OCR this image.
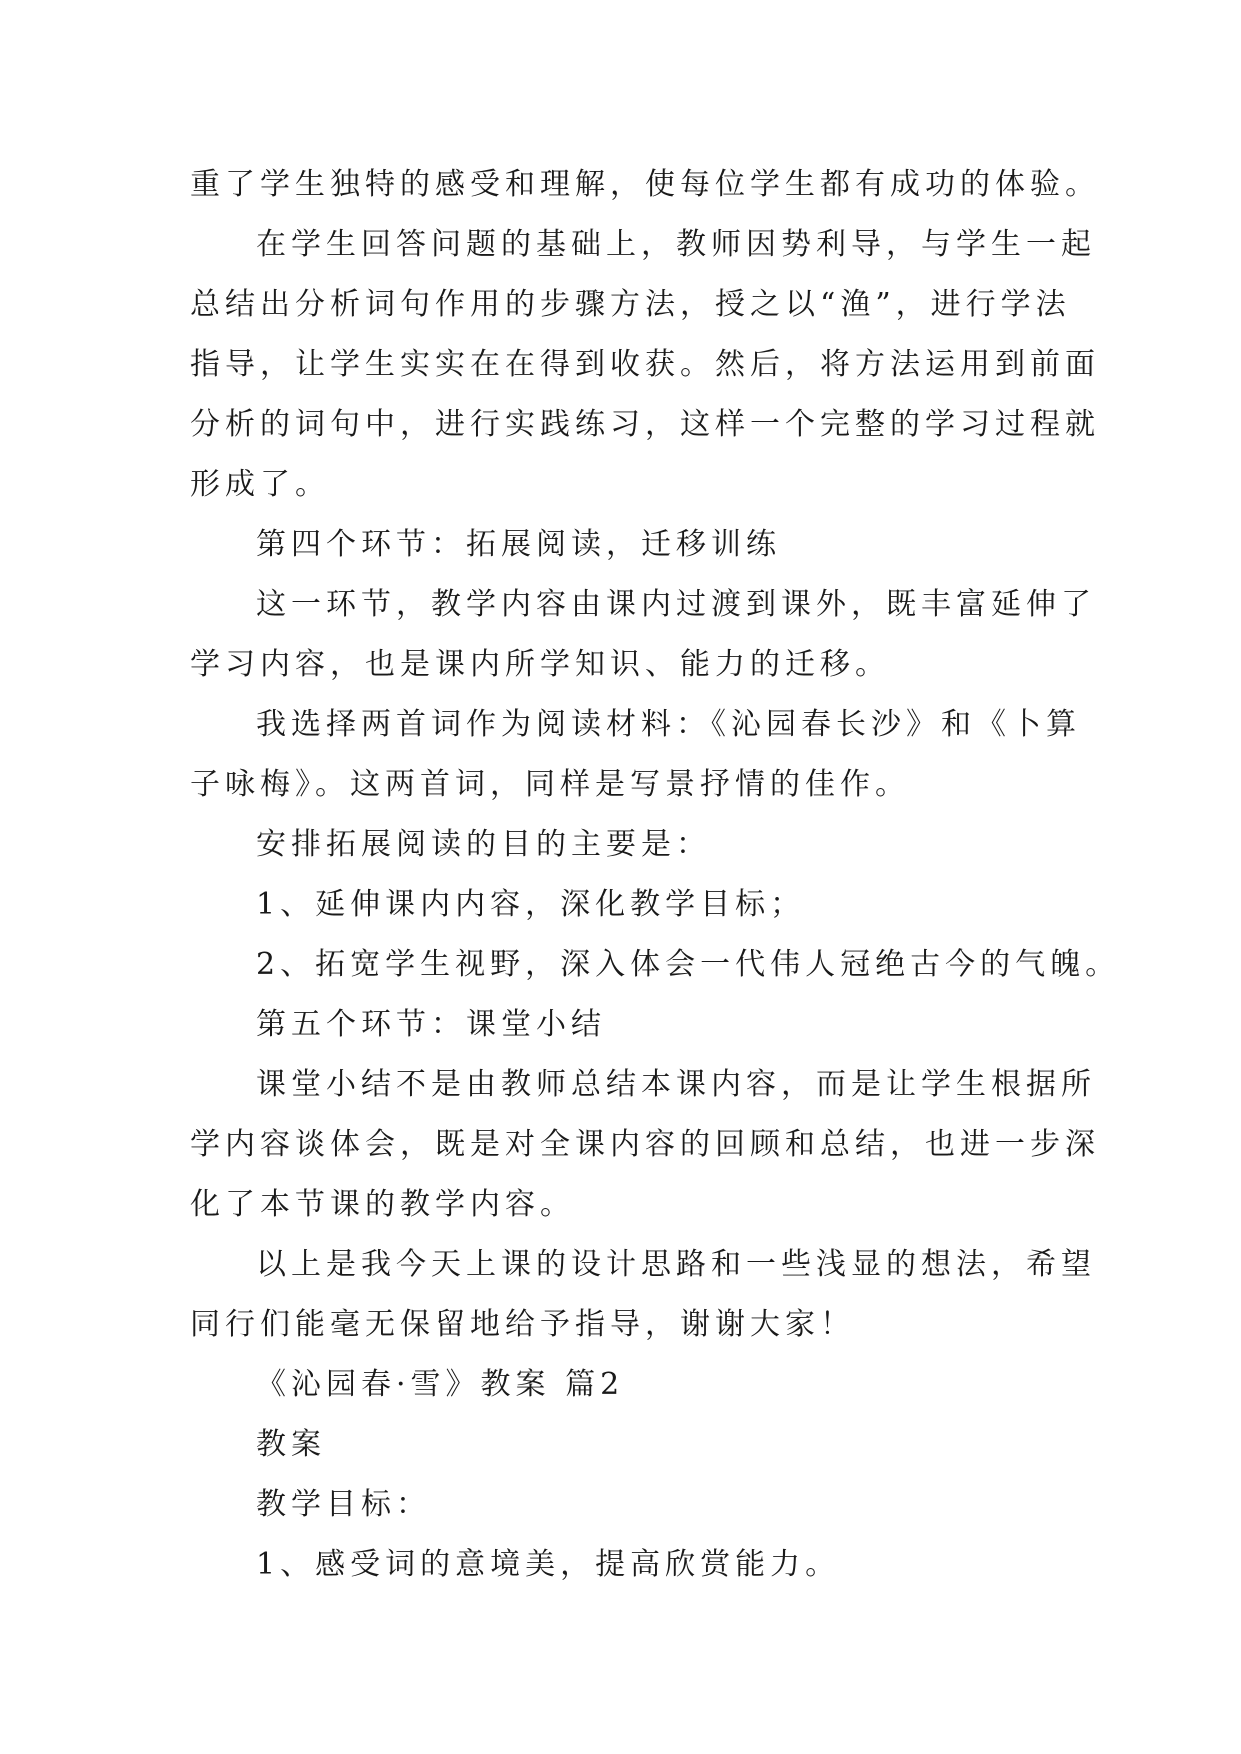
重了学生独特的感受和理解，使每位学生都有成功的体验。
在学生回答问题的基础上，教师因势利导，与学生一起
总结出分析词句作用的步骤方法，授之以“渔”，进行学法
指导，让学生实实在在得到收获。然后，将方法运用到前面
分析的词句中，进行实践练习，这样一个完整的学习过程就
形成了。
第四个环节：拓展阅读，迁移训练
这一环节，教学内容由课内过渡到课外，既丰富延伸了
学习内容，也是课内所学知识、能力的迁移。
我选择两首词作为阅读材料：《沁园春长沙》和《卜算
子咏梅》。这两首词，同样是写景抒情的佳作。
安排拓展阅读的目的主要是：
1、延伸课内内容，深化教学目标；
2、拓宽学生视野，深入体会一代伟人冠绝古今的气魄。
第五个环节：课堂小结
课堂小结不是由教师总结本课内容，而是让学生根据所
学内容谈体会，既是对全课内容的回顾和总结，也进一步深
化了本节课的教学内容。
以上是我今天上课的设计思路和一些浅显的想法，希望
同行们能毫无保留地给予指导，谢谢大家！
《沁园春·雪》教案 篇2
教案
教学目标：
1、感受词的意境美，提高欣赏能力。
